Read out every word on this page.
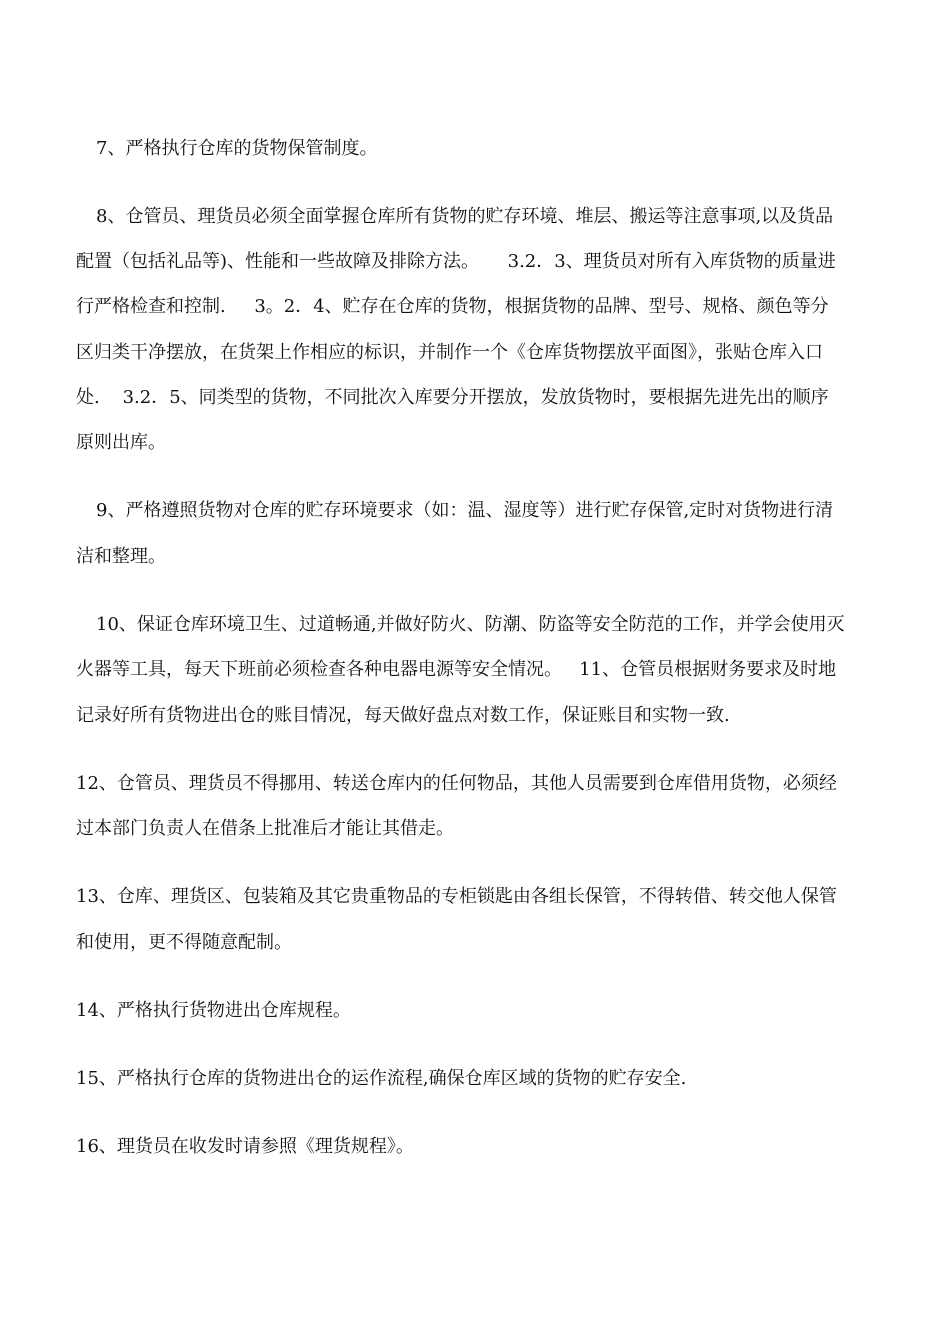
7、严格执行仓库的货物保管制度。
8、仓管员、理货员必须全面掌握仓库所有货物的贮存环境、堆层、搬运等注意事项,以及货品
配置（包括礼品等)、性能和一些故障及排除方法。     3.2．3、理货员对所有入库货物的质量进
行严格检查和控制.     3。2．4、贮存在仓库的货物，根据货物的品牌、型号、规格、颜色等分
区归类干净摆放，在货架上作相应的标识，并制作一个《仓库货物摆放平面图》，张贴仓库入口
处.    3.2．5、同类型的货物，不同批次入库要分开摆放，发放货物时，要根据先进先出的顺序
原则出库。
9、严格遵照货物对仓库的贮存环境要求（如：温、湿度等）进行贮存保管,定时对货物进行清
洁和整理。
10、保证仓库环境卫生、过道畅通,并做好防火、防潮、防盗等安全防范的工作，并学会使用灭
火器等工具，每天下班前必须检查各种电器电源等安全情况。   11、仓管员根据财务要求及时地
记录好所有货物进出仓的账目情况，每天做好盘点对数工作，保证账目和实物一致.
12、仓管员、理货员不得挪用、转送仓库内的任何物品，其他人员需要到仓库借用货物，必须经
过本部门负责人在借条上批准后才能让其借走。
13、仓库、理货区、包装箱及其它贵重物品的专柜锁匙由各组长保管，不得转借、转交他人保管
和使用，更不得随意配制。
14、严格执行货物进出仓库规程。
15、严格执行仓库的货物进出仓的运作流程,确保仓库区域的货物的贮存安全.
16、理货员在收发时请参照《理货规程》。
